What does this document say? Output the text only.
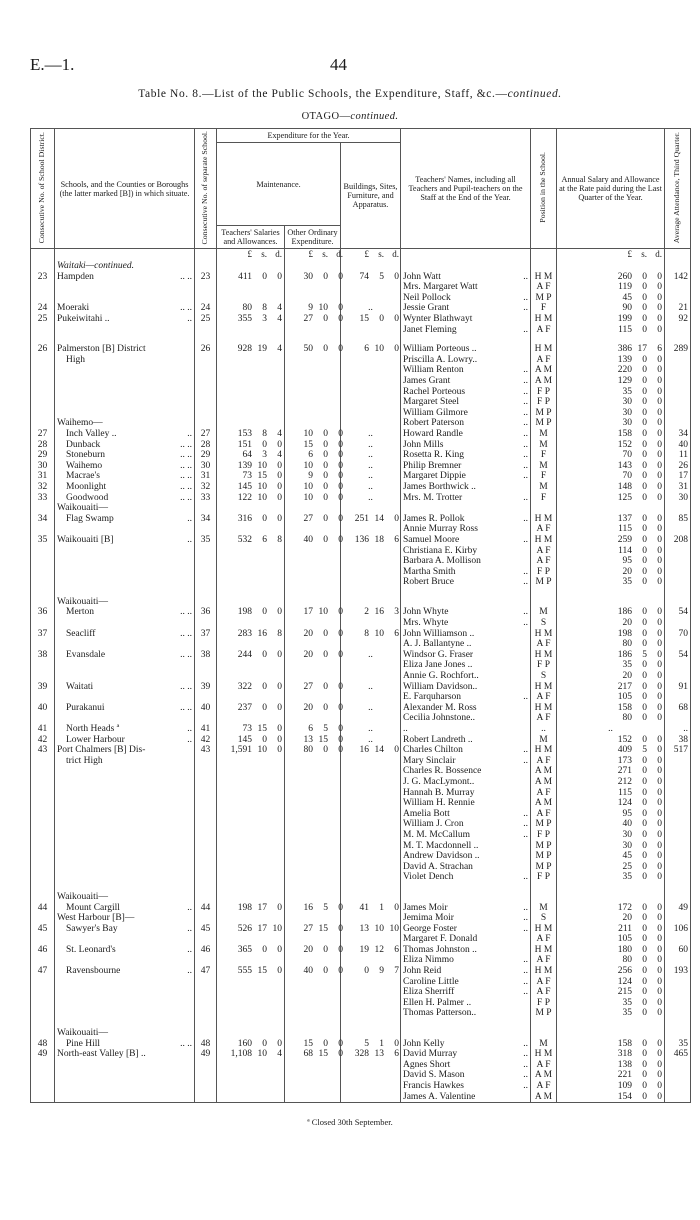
E.—1.	44
Table No. 8.—List of the Public Schools, the Expenditure, Staff, &c.—continued.
OTAGO—continued.
Consecutive No. of School District.	Schools, and the Counties or Boroughs (the latter marked [B]) in which situate.	Consecutive No. of separate School.	Expenditure for the Year.			Teachers' Names, including all Teachers and Pupil-teachers on the Staff at the End of the Year.	Position in the School.	Annual Salary and Allowance at the Rate paid during the Last Quarter of the Year.	Average Attendance, Third Quarter.
			Maintenance.		Buildings, Sites, Furniture, and Apparatus.				
			Teachers' Salaries and Allowances.	Other Ordinary Expenditure.					
			£ s. d.	£ s. d.	£ s. d.			£ s. d.	
	Waitaki—continued.								
23	Hampden .. ..	23	411 0 0	30 0 0	74 5 0	John Watt ..	H M	260 0 0	142
						Mrs. Margaret Watt	A F	119 0 0	
						Neil Pollock ..	M P	45 0 0	
24	Moeraki .. ..	24	80 8 4	9 10 0	..	Jessie Grant ..	F	90 0 0	21
25	Pukeiwitahi .. ..	25	355 3 4	27 0 0	15 0 0	Wynter Blathwayt	H M	199 0 0	92
						Janet Fleming ..	A F	115 0 0	

26	Palmerston [B] District	26	928 19 4	50 0 0	6 10 0	William Porteous ..	H M	386 17 6	289
	High					Priscilla A. Lowry..	A F	139 0 0	
						William Renton ..	A M	220 0 0	
						James Grant ..	A M	129 0 0	
						Rachel Porteous ..	F P	35 0 0	
						Margaret Steel ..	F P	30 0 0	
						William Gilmore ..	M P	30 0 0	
	Waihemo—					Robert Paterson ..	M P	30 0 0	
27	Inch Valley .. ..	27	153 8 4	10 0 0	..	Howard Randle ..	M	158 0 0	34
28	Dunback .. ..	28	151 0 0	15 0 0	..	John Mills ..	M	152 0 0	40
29	Stoneburn .. ..	29	64 3 4	6 0 0	..	Rosetta R. King ..	F	70 0 0	11
30	Waihemo .. ..	30	139 10 0	10 0 0	..	Philip Bremner ..	M	143 0 0	26
31	Macrae's .. ..	31	73 15 0	9 0 0	..	Margaret Dippie ..	F	70 0 0	17
32	Moonlight .. ..	32	145 10 0	10 0 0	..	James Borthwick ..	M	148 0 0	31
33	Goodwood .. ..	33	122 10 0	10 0 0	..	Mrs. M. Trotter ..	F	125 0 0	30
	Waikouaiti—								
34	Flag Swamp ..	34	316 0 0	27 0 0	251 14 0	James R. Pollok ..	H M	137 0 0	85
						Annie Murray Ross	A F	115 0 0	
35	Waikouaiti [B] ..	35	532 6 8	40 0 0	136 18 6	Samuel Moore ..	H M	259 0 0	208
						Christiana E. Kirby	A F	114 0 0	
						Barbara A. Mollison	A F	95 0 0	
						Martha Smith ..	F P	20 0 0	
						Robert Bruce ..	M P	35 0 0	

	Waikouaiti—								
36	Merton .. ..	36	198 0 0	17 10 0	2 16 3	John Whyte ..	M	186 0 0	54
						Mrs. Whyte ..	S	20 0 0	
37	Seacliff .. ..	37	283 16 8	20 0 0	8 10 6	John Williamson ..	H M	198 0 0	70
						A. J. Ballantyne ..	A F	80 0 0	
38	Evansdale .. ..	38	244 0 0	20 0 0	..	Windsor G. Fraser	H M	186 5 0	54
						Eliza Jane Jones ..	F P	35 0 0	
						Annie G. Rochfort..	S	20 0 0	
39	Waitati .. ..	39	322 0 0	27 0 0	..	William Davidson..	H M	217 0 0	91
						E. Farquharson ..	A F	105 0 0	
40	Purakanui .. ..	40	237 0 0	20 0 0	..	Alexander M. Ross	H M	158 0 0	68
						Cecilia Johnstone..	A F	80 0 0	
41	North Heads ª ..	41	73 15 0	6 5 0	..	..	..	..	..
42	Lower Harbour ..	42	145 0 0	13 15 0	..	Robert Landreth ..	M	152 0 0	38
43	Port Chalmers [B] Dis-	43	1,591 10 0	80 0 0	16 14 0	Charles Chilton ..	H M	409 5 0	517
	trict High					Mary Sinclair ..	A F	173 0 0	
						Charles R. Bossence	A M	271 0 0	
						J. G. MacLymont..	A M	212 0 0	
						Hannah B. Murray	A F	115 0 0	
						William H. Rennie	A M	124 0 0	
						Amelia Bott ..	A F	95 0 0	
						William J. Cron ..	M P	40 0 0	
						M. M. McCallum ..	F P	30 0 0	
						M. T. Macdonnell ..	M P	30 0 0	
						Andrew Davidson ..	M P	45 0 0	
						David A. Strachan	M P	25 0 0	
						Violet Dench ..	F P	35 0 0	

	Waikouaiti—								
44	Mount Cargill ..	44	198 17 0	16 5 0	41 1 0	James Moir ..	M	172 0 0	49
	West Harbour [B]—					Jemima Moir ..	S	20 0 0	
45	Sawyer's Bay ..	45	526 17 10	27 15 0	13 10 10	George Foster ..	H M	211 0 0	106
						Margaret F. Donald	A F	105 0 0	
46	St. Leonard's ..	46	365 0 0	20 0 0	19 12 6	Thomas Johnston ..	H M	180 0 0	60
						Eliza Nimmo ..	A F	80 0 0	
47	Ravensbourne ..	47	555 15 0	40 0 0	0 9 7	John Reid ..	H M	256 0 0	193
						Caroline Little ..	A F	124 0 0	
						Eliza Sherriff ..	A F	215 0 0	
						Ellen H. Palmer ..	F P	35 0 0	
						Thomas Patterson..	M P	35 0 0	

	Waikouaiti—								
48	Pine Hill .. ..	48	160 0 0	15 0 0	5 1 0	John Kelly ..	M	158 0 0	35
49	North-east Valley [B] ..	49	1,108 10 4	68 15 0	328 13 6	David Murray ..	H M	318 0 0	465
						Agnes Short ..	A F	138 0 0	
						David S. Mason ..	A M	221 0 0	
						Francis Hawkes ..	A F	109 0 0	
						James A. Valentine	A M	154 0 0	
ª Closed 30th September.
